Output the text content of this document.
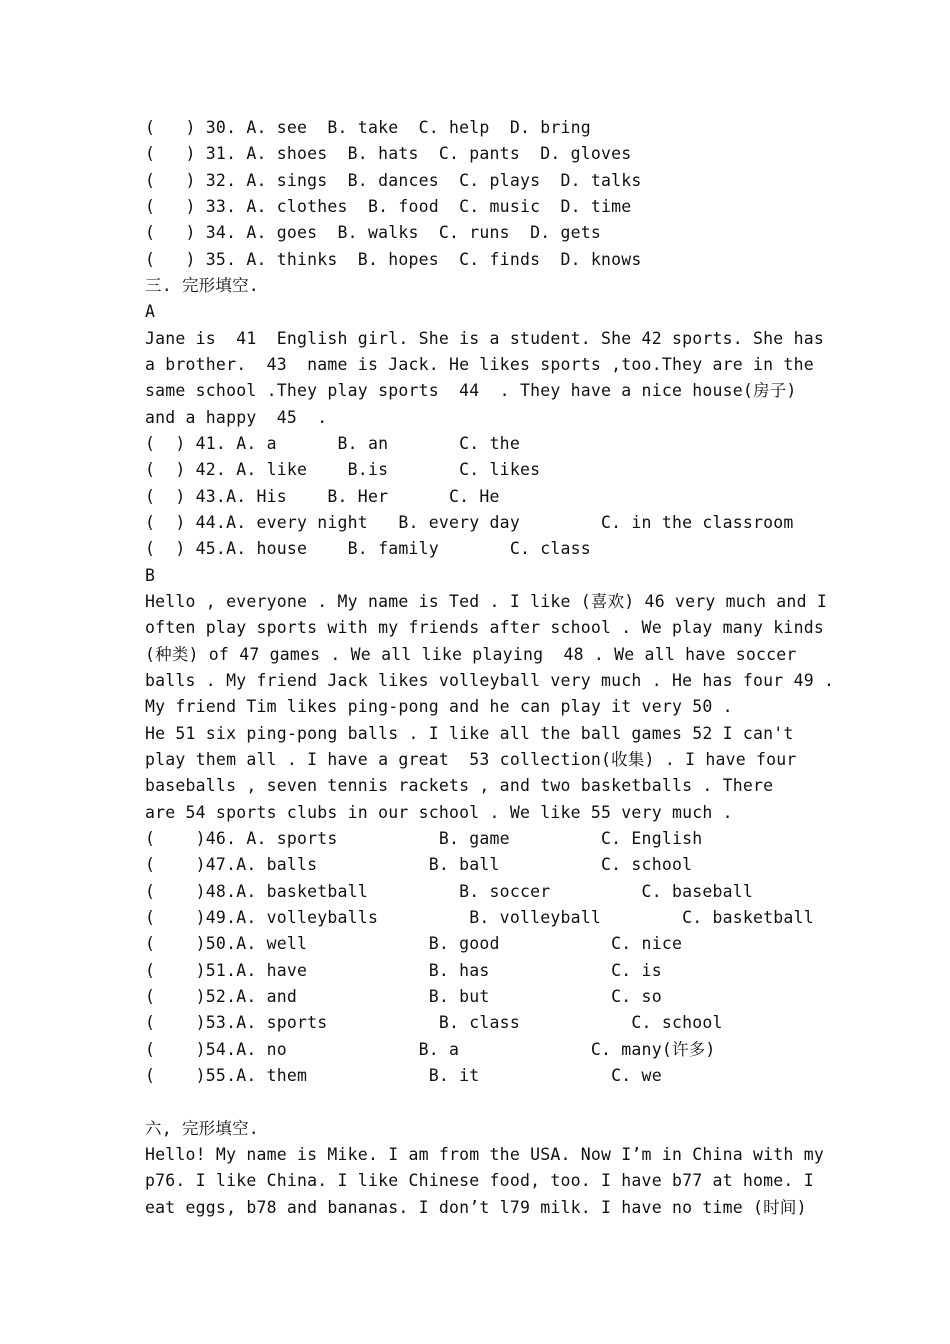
(   ) 30. A. see  B. take  C. help  D. bring
(   ) 31. A. shoes  B. hats  C. pants  D. gloves
(   ) 32. A. sings  B. dances  C. plays  D. talks
(   ) 33. A. clothes  B. food  C. music  D. time
(   ) 34. A. goes  B. walks  C. runs  D. gets
(   ) 35. A. thinks  B. hopes  C. finds  D. knows
三. 完形填空.
A
Jane is  41  English girl. She is a student. She 42 sports. She has
a brother.  43  name is Jack. He likes sports ,too.They are in the
same school .They play sports  44  . They have a nice house(房子)
and a happy  45  .
(  ) 41. A. a      B. an       C. the
(  ) 42. A. like    B.is       C. likes
(  ) 43.A. His    B. Her      C. He
(  ) 44.A. every night   B. every day        C. in the classroom
(  ) 45.A. house    B. family       C. class
B
Hello , everyone . My name is Ted . I like (喜欢) 46 very much and I
often play sports with my friends after school . We play many kinds
(种类) of 47 games . We all like playing  48 . We all have soccer
balls . My friend Jack likes volleyball very much . He has four 49 .
My friend Tim likes ping-pong and he can play it very 50 .
He 51 six ping-pong balls . I like all the ball games 52 I can't
play them all . I have a great  53 collection(收集) . I have four
baseballs , seven tennis rackets , and two basketballs . There
are 54 sports clubs in our school . We like 55 very much .
(    )46. A. sports          B. game         C. English
(    )47.A. balls           B. ball          C. school
(    )48.A. basketball         B. soccer         C. baseball
(    )49.A. volleyballs         B. volleyball        C. basketball
(    )50.A. well            B. good           C. nice
(    )51.A. have            B. has            C. is
(    )52.A. and             B. but            C. so
(    )53.A. sports           B. class           C. school
(    )54.A. no             B. a             C. many(许多)
(    )55.A. them            B. it             C. we
六, 完形填空.
Hello! My name is Mike. I am from the USA. Now I’m in China with my
p76. I like China. I like Chinese food, too. I have b77 at home. I
eat eggs, b78 and bananas. I don’t l79 milk. I have no time (时间)
